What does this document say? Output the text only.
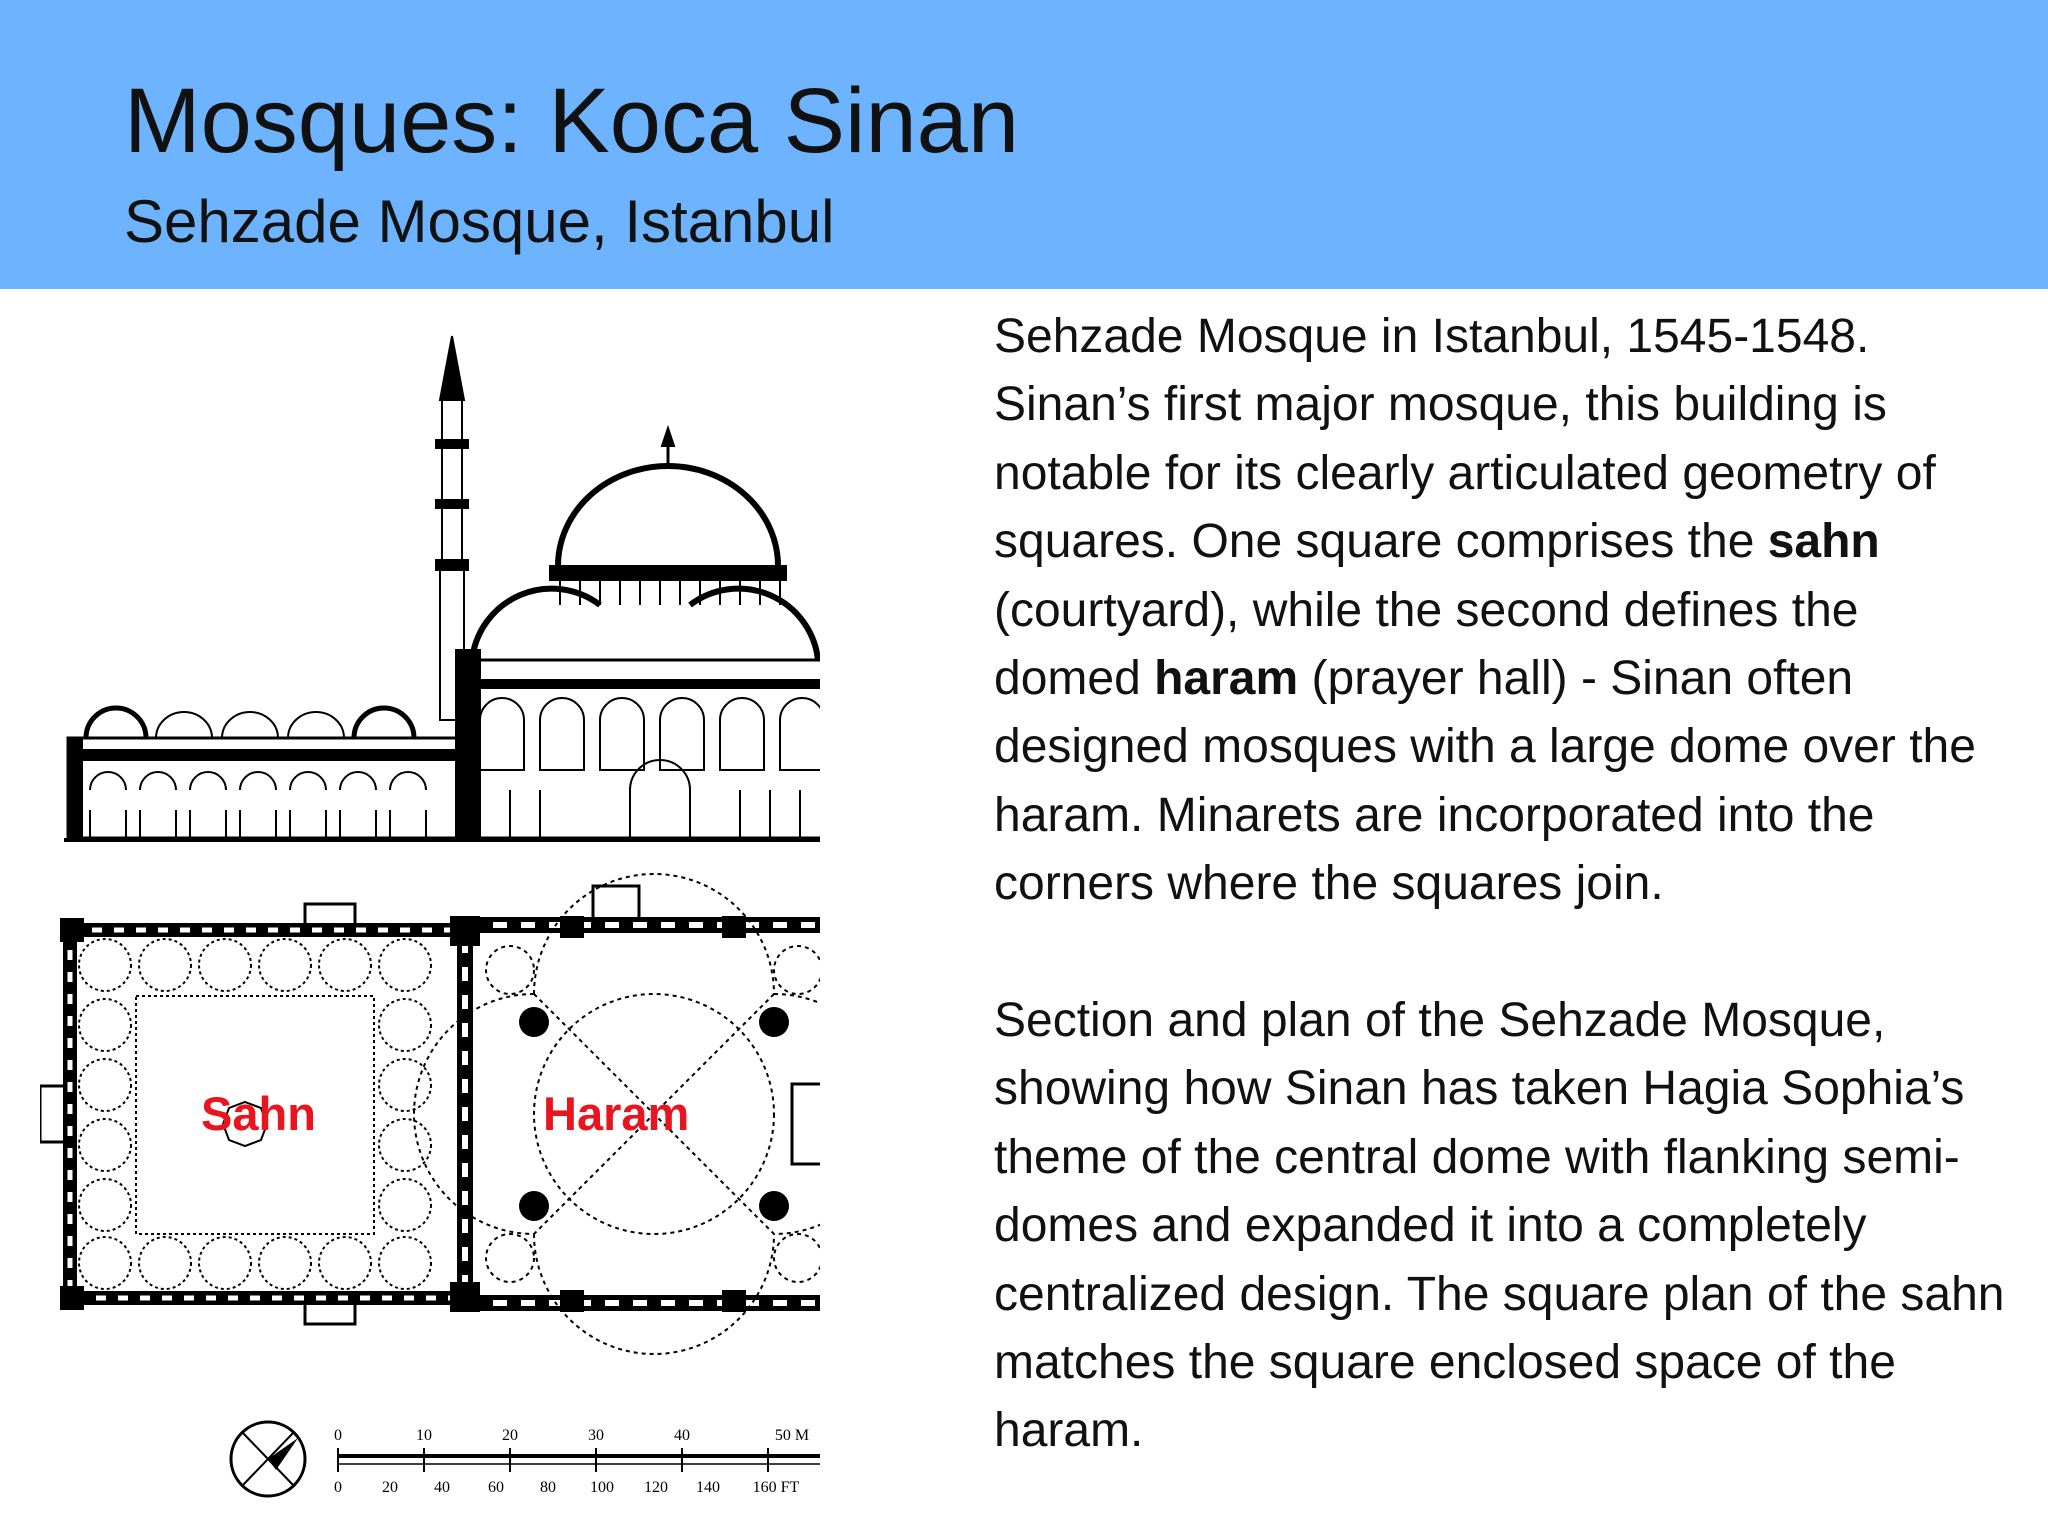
Mosques: Koca Sinan
Sehzade Mosque, Istanbul
0	10	20	30	40	50 M
0	20 40 60 80 100 120 140 160 FT
Sahn	Haram

Sehzade Mosque in Istanbul, 1545-1548. Sinan’s first major mosque, this building is notable for its clearly articulated geometry of squares. One square comprises the sahn (courtyard), while the second defines the domed haram (prayer hall) - Sinan often designed mosques with a large dome over the haram. Minarets are incorporated into the corners where the squares join.

Section and plan of the Sehzade Mosque, showing how Sinan has taken Hagia Sophia’s theme of the central dome with flanking semi-domes and expanded it into a completely centralized design. The square plan of the sahn matches the square enclosed space of the haram.
